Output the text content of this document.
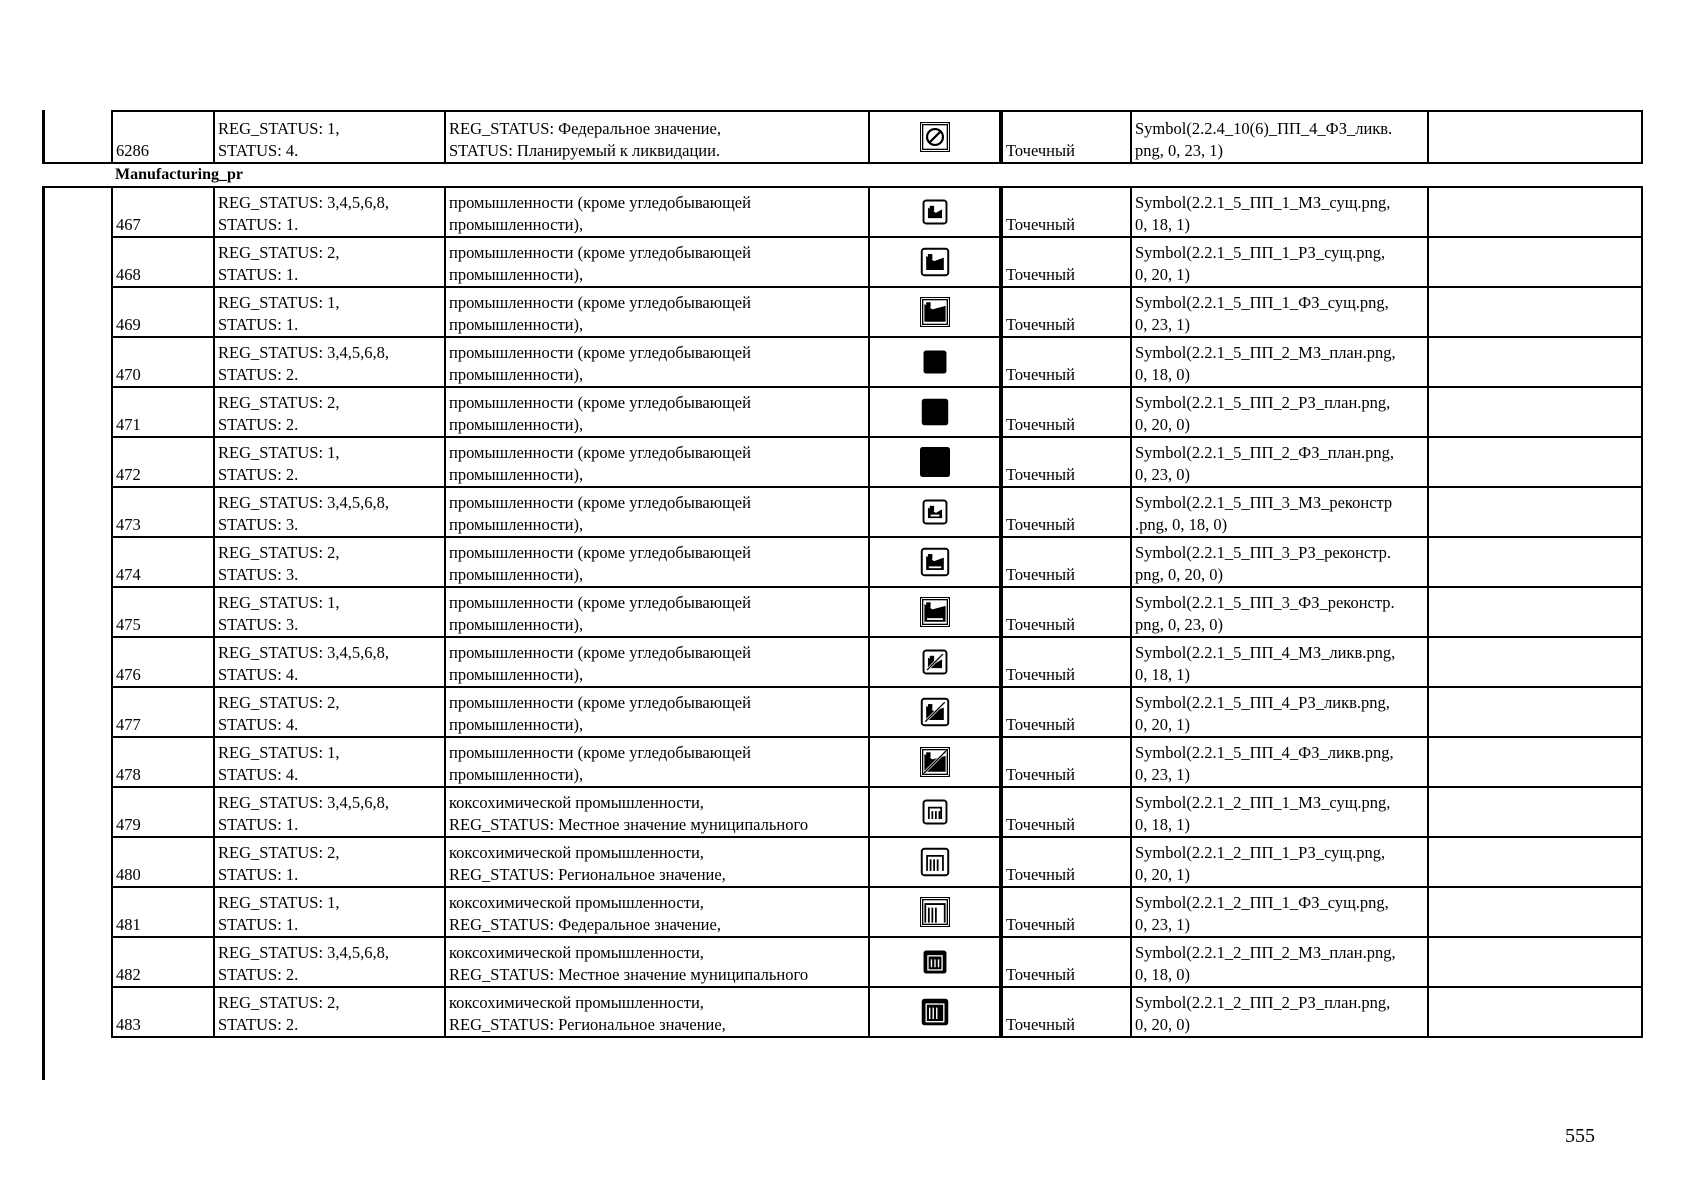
6286	REG_STATUS: 1,
STATUS: 4.	REG_STATUS: Федеральное значение,
STATUS: Планируемый к ликвидации.		Точечный	Symbol(2.2.4_10(6)_ПП_4_ФЗ_ликв.
png, 0, 23, 1)	

Manufacturing_pr						
467	REG_STATUS: 3,4,5,6,8,
STATUS: 1.	промышленности (кроме угледобывающей
промышленности),		Точечный	Symbol(2.2.1_5_ПП_1_МЗ_сущ.png,
0, 18, 1)	

468	REG_STATUS: 2,
STATUS: 1.	промышленности (кроме угледобывающей
промышленности),		Точечный	Symbol(2.2.1_5_ПП_1_РЗ_сущ.png,
0, 20, 1)	

469	REG_STATUS: 1,
STATUS: 1.	промышленности (кроме угледобывающей
промышленности),		Точечный	Symbol(2.2.1_5_ПП_1_ФЗ_сущ.png,
0, 23, 1)	

470	REG_STATUS: 3,4,5,6,8,
STATUS: 2.	промышленности (кроме угледобывающей
промышленности),		Точечный	Symbol(2.2.1_5_ПП_2_МЗ_план.png,
0, 18, 0)	

471	REG_STATUS: 2,
STATUS: 2.	промышленности (кроме угледобывающей
промышленности),		Точечный	Symbol(2.2.1_5_ПП_2_РЗ_план.png,
0, 20, 0)	

472	REG_STATUS: 1,
STATUS: 2.	промышленности (кроме угледобывающей
промышленности),		Точечный	Symbol(2.2.1_5_ПП_2_ФЗ_план.png,
0, 23, 0)	

473	REG_STATUS: 3,4,5,6,8,
STATUS: 3.	промышленности (кроме угледобывающей
промышленности),		Точечный	Symbol(2.2.1_5_ПП_3_МЗ_реконстр
.png, 0, 18, 0)	

474	REG_STATUS: 2,
STATUS: 3.	промышленности (кроме угледобывающей
промышленности),		Точечный	Symbol(2.2.1_5_ПП_3_РЗ_реконстр.
png, 0, 20, 0)	

475	REG_STATUS: 1,
STATUS: 3.	промышленности (кроме угледобывающей
промышленности),		Точечный	Symbol(2.2.1_5_ПП_3_ФЗ_реконстр.
png, 0, 23, 0)	

476	REG_STATUS: 3,4,5,6,8,
STATUS: 4.	промышленности (кроме угледобывающей
промышленности),		Точечный	Symbol(2.2.1_5_ПП_4_МЗ_ликв.png,
0, 18, 1)	

477	REG_STATUS: 2,
STATUS: 4.	промышленности (кроме угледобывающей
промышленности),		Точечный	Symbol(2.2.1_5_ПП_4_РЗ_ликв.png,
0, 20, 1)	

478	REG_STATUS: 1,
STATUS: 4.	промышленности (кроме угледобывающей
промышленности),		Точечный	Symbol(2.2.1_5_ПП_4_ФЗ_ликв.png,
0, 23, 1)	

479	REG_STATUS: 3,4,5,6,8,
STATUS: 1.	коксохимической промышленности,
REG_STATUS: Местное значение муниципального		Точечный	Symbol(2.2.1_2_ПП_1_МЗ_сущ.png,
0, 18, 1)	

480	REG_STATUS: 2,
STATUS: 1.	коксохимической промышленности,
REG_STATUS: Региональное значение,		Точечный	Symbol(2.2.1_2_ПП_1_РЗ_сущ.png,
0, 20, 1)	

481	REG_STATUS: 1,
STATUS: 1.	коксохимической промышленности,
REG_STATUS: Федеральное значение,		Точечный	Symbol(2.2.1_2_ПП_1_ФЗ_сущ.png,
0, 23, 1)	

482	REG_STATUS: 3,4,5,6,8,
STATUS: 2.	коксохимической промышленности,
REG_STATUS: Местное значение муниципального		Точечный	Symbol(2.2.1_2_ПП_2_МЗ_план.png,
0, 18, 0)	

483	REG_STATUS: 2,
STATUS: 2.	коксохимической промышленности,
REG_STATUS: Региональное значение,		Точечный	Symbol(2.2.1_2_ПП_2_РЗ_план.png,
0, 20, 0)	

555
